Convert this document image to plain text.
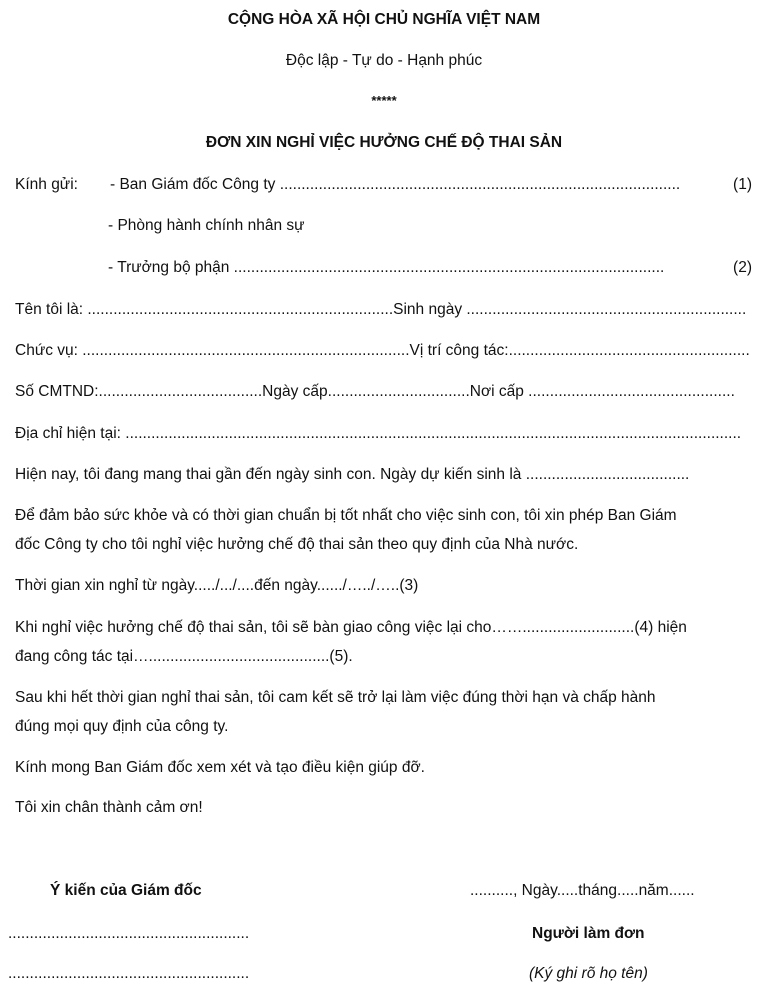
CỘNG HÒA XÃ HỘI CHỦ NGHĨA VIỆT NAM
Độc lập - Tự do - Hạnh phúc
*****
ĐƠN XIN NGHỈ VIỆC HƯỞNG CHẾ ĐỘ THAI SẢN
Kính gửi: - Ban Giám đốc Công ty .............................................................................................	(1)
- Phòng hành chính nhân sự
- Trưởng bộ phận ....................................................................................................	(2)
Tên tôi là: .......................................................................Sinh ngày .................................................................
Chức vụ: ............................................................................Vị trí công tác:........................................................
Số CMTND:......................................Ngày cấp.................................Nơi cấp ................................................
Địa chỉ hiện tại: ...............................................................................................................................................
Hiện nay, tôi đang mang thai gần đến ngày sinh con. Ngày dự kiến sinh là ......................................
Để đảm bảo sức khỏe và có thời gian chuẩn bị tốt nhất cho việc sinh con, tôi xin phép Ban Giám
đốc Công ty cho tôi nghỉ việc hưởng chế độ thai sản theo quy định của Nhà nước.
Thời gian xin nghỉ từ ngày...../.../....đến ngày....../…../…..(3)
Khi nghỉ việc hưởng chế độ thai sản, tôi sẽ bàn giao công việc lại cho……..........................(4) hiện
đang công tác tại…..........................................(5).
Sau khi hết thời gian nghỉ thai sản, tôi cam kết sẽ trở lại làm việc đúng thời hạn và chấp hành
đúng mọi quy định của công ty.
Kính mong Ban Giám đốc xem xét và tạo điều kiện giúp đỡ.
Tôi xin chân thành cảm ơn!
Ý kiến của Giám đốc	.........., Ngày.....tháng.....năm......
........................................................	Người làm đơn
........................................................	(Ký ghi rõ họ tên)
